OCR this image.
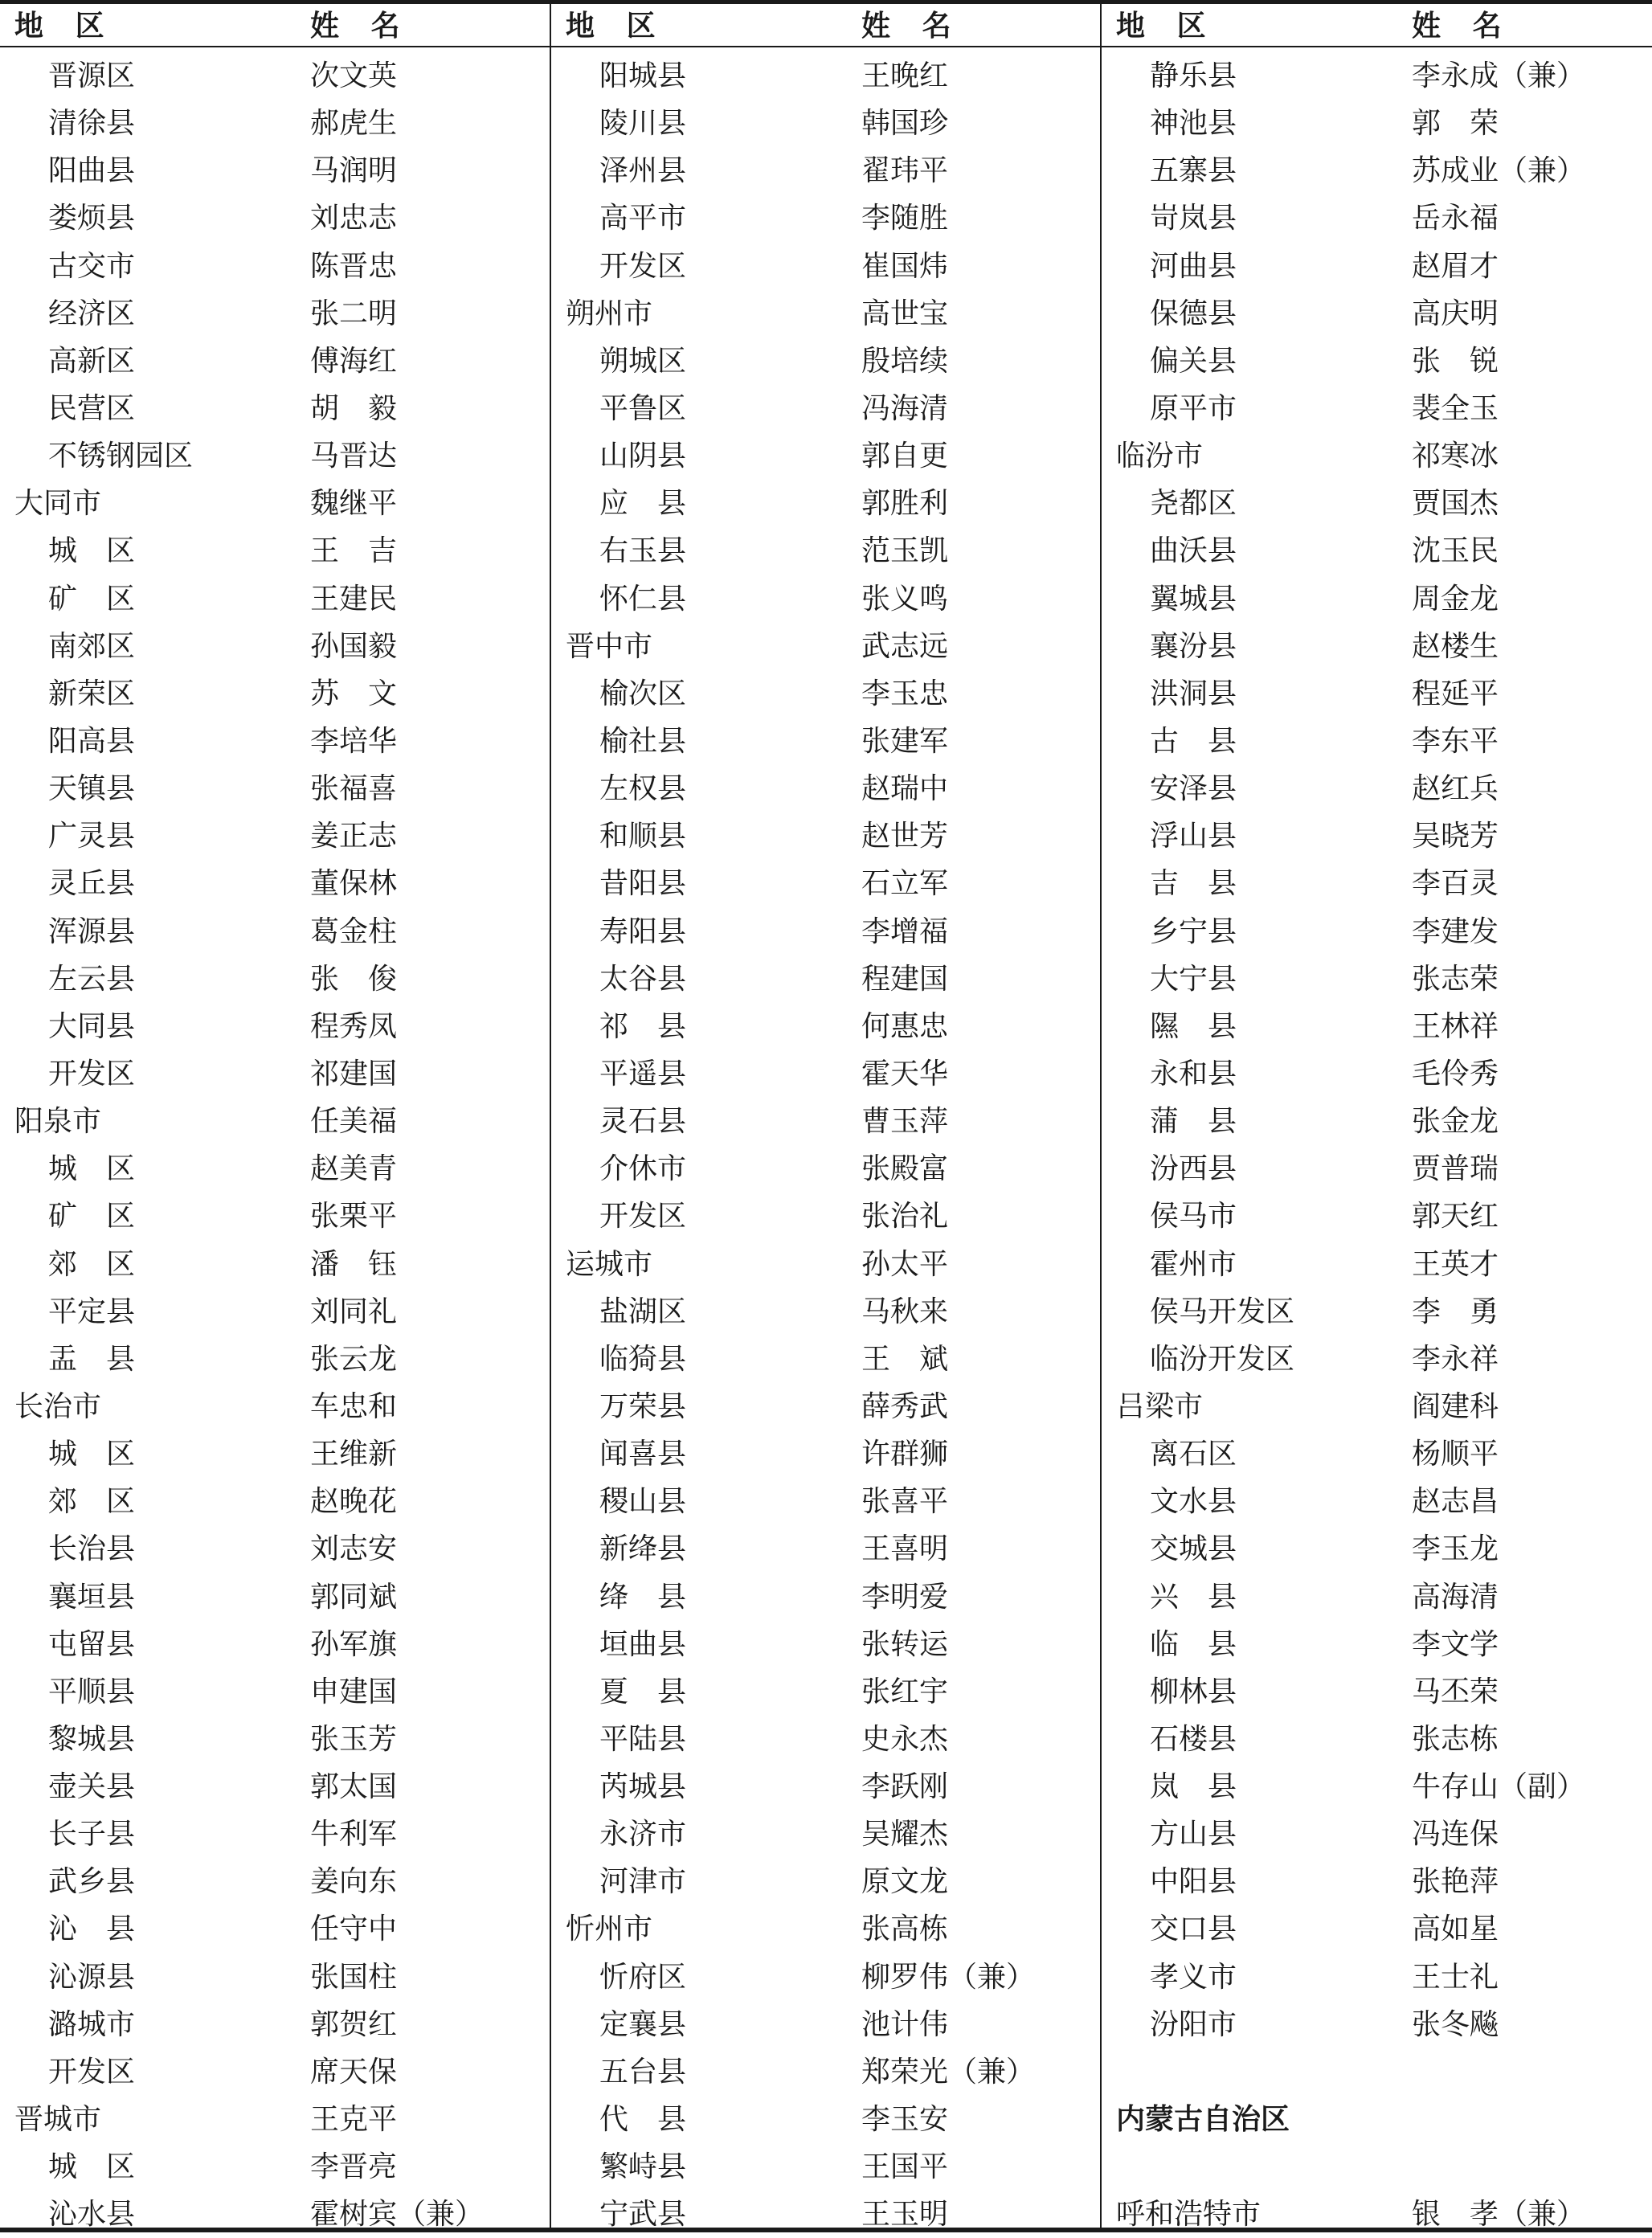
地　区	姓　名
晋源区	次文英
清徐县	郝虎生
阳曲县	马润明
娄烦县	刘忠志
古交市	陈晋忠
经济区	张二明
高新区	傅海红
民营区	胡　毅
不锈钢园区	马晋达
大同市	魏继平
城　区	王　吉
矿　区	王建民
南郊区	孙国毅
新荣区	苏　文
阳高县	李培华
天镇县	张福喜
广灵县	姜正志
灵丘县	董保林
浑源县	葛金柱
左云县	张　俊
大同县	程秀凤
开发区	祁建国
阳泉市	任美福
城　区	赵美青
矿　区	张栗平
郊　区	潘　钰
平定县	刘同礼
盂　县	张云龙
长治市	车忠和
城　区	王维新
郊　区	赵晚花
长治县	刘志安
襄垣县	郭同斌
屯留县	孙军旗
平顺县	申建国
黎城县	张玉芳
壶关县	郭太国
长子县	牛利军
武乡县	姜向东
沁　县	任守中
沁源县	张国柱
潞城市	郭贺红
开发区	席天保
晋城市	王克平
城　区	李晋亮
沁水县	霍树宾（兼）
地　区	姓　名
阳城县	王晚红
陵川县	韩国珍
泽州县	翟玮平
高平市	李随胜
开发区	崔国炜
朔州市	高世宝
朔城区	殷培续
平鲁区	冯海清
山阴县	郭自更
应　县	郭胜利
右玉县	范玉凯
怀仁县	张义鸣
晋中市	武志远
榆次区	李玉忠
榆社县	张建军
左权县	赵瑞中
和顺县	赵世芳
昔阳县	石立军
寿阳县	李增福
太谷县	程建国
祁　县	何惠忠
平遥县	霍天华
灵石县	曹玉萍
介休市	张殿富
开发区	张治礼
运城市	孙太平
盐湖区	马秋来
临猗县	王　斌
万荣县	薛秀武
闻喜县	许群狮
稷山县	张喜平
新绛县	王喜明
绛　县	李明爱
垣曲县	张转运
夏　县	张红宇
平陆县	史永杰
芮城县	李跃刚
永济市	吴耀杰
河津市	原文龙
忻州市	张高栋
忻府区	柳罗伟（兼）
定襄县	池计伟
五台县	郑荣光（兼）
代　县	李玉安
繁峙县	王国平
宁武县	王玉明
地　区	姓　名
静乐县	李永成（兼）
神池县	郭　荣
五寨县	苏成业（兼）
岢岚县	岳永福
河曲县	赵眉才
保德县	高庆明
偏关县	张　锐
原平市	裴全玉
临汾市	祁寒冰
尧都区	贾国杰
曲沃县	沈玉民
翼城县	周金龙
襄汾县	赵楼生
洪洞县	程延平
古　县	李东平
安泽县	赵红兵
浮山县	吴晓芳
吉　县	李百灵
乡宁县	李建发
大宁县	张志荣
隰　县	王林祥
永和县	毛伶秀
蒲　县	张金龙
汾西县	贾普瑞
侯马市	郭天红
霍州市	王英才
侯马开发区	李　勇
临汾开发区	李永祥
吕梁市	阎建科
离石区	杨顺平
文水县	赵志昌
交城县	李玉龙
兴　县	高海清
临　县	李文学
柳林县	马丕荣
石楼县	张志栋
岚　县	牛存山（副）
方山县	冯连保
中阳县	张艳萍
交口县	高如星
孝义市	王士礼
汾阳市	张冬飚
内蒙古自治区
呼和浩特市	银　孝（兼）
